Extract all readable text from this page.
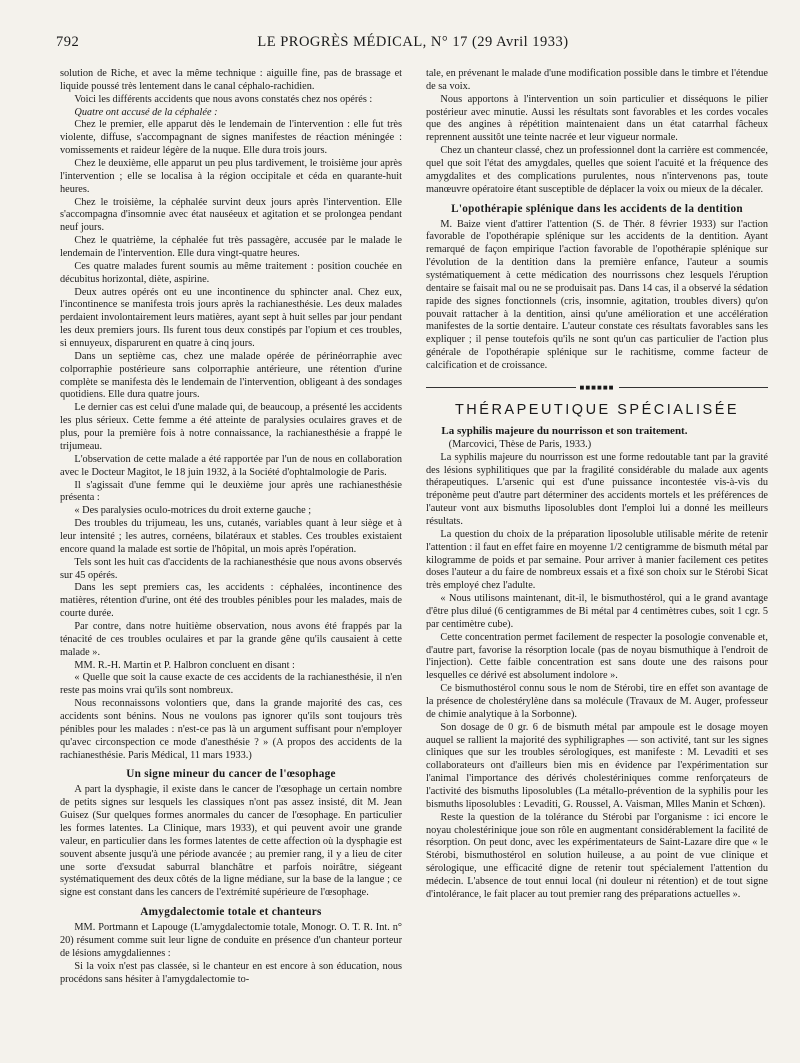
792	LE PROGRÈS MÉDICAL, N° 17 (29 Avril 1933)

solution de Riche, et avec la même technique : aiguille fine, pas de brassage et liquide poussé très lentement dans le canal céphalo-rachidien.

Voici les différents accidents que nous avons constatés chez nos opérés :

Quatre ont accusé de la céphalée :

Chez le premier, elle apparut dès le lendemain de l'intervention : elle fut très violente, diffuse, s'accompagnant de signes manifestes de réaction méningée : vomissements et raideur légère de la nuque. Elle dura trois jours.

Chez le deuxième, elle apparut un peu plus tardivement, le troisième jour après l'intervention ; elle se localisa à la région occipitale et céda en quarante-huit heures.

Chez le troisième, la céphalée survint deux jours après l'intervention. Elle s'accompagna d'insomnie avec état nauséeux et agitation et se prolongea pendant neuf jours.

Chez le quatrième, la céphalée fut très passagère, accusée par le malade le lendemain de l'intervention. Elle dura vingt-quatre heures.

Ces quatre malades furent soumis au même traitement : position couchée en décubitus horizontal, diète, aspirine.

Deux autres opérés ont eu une incontinence du sphincter anal. Chez eux, l'incontinence se manifesta trois jours après la rachianesthésie. Les deux malades perdaient involontairement leurs matières, ayant sept à huit selles par jour pendant les deux premiers jours. Ils furent tous deux constipés par l'opium et ces troubles, si ennuyeux, disparurent en quatre à cinq jours.

Dans un septième cas, chez une malade opérée de périnéorraphie avec colporraphie postérieure sans colporraphie antérieure, une rétention d'urine complète se manifesta dès le lendemain de l'intervention, obligeant à des sondages quotidiens. Elle dura quatre jours.

Le dernier cas est celui d'une malade qui, de beaucoup, a présenté les accidents les plus sérieux. Cette femme a été atteinte de paralysies oculaires graves et de plus, pour la première fois à notre connaissance, la rachianesthésie a frappé le trijumeau.

L'observation de cette malade a été rapportée par l'un de nous en collaboration avec le Docteur Magitot, le 18 juin 1932, à la Société d'ophtalmologie de Paris.

Il s'agissait d'une femme qui le deuxième jour après une rachianesthésie présenta :

« Des paralysies oculo-motrices du droit externe gauche ;

Des troubles du trijumeau, les uns, cutanés, variables quant à leur siège et à leur intensité ; les autres, cornéens, bilatéraux et stables. Ces troubles existaient encore quand la malade est sortie de l'hôpital, un mois après l'opération.

Tels sont les huit cas d'accidents de la rachianesthésie que nous avons observés sur 45 opérés.

Dans les sept premiers cas, les accidents : céphalées, incontinence des matières, rétention d'urine, ont été des troubles pénibles pour les malades, mais de courte durée.

Par contre, dans notre huitième observation, nous avons été frappés par la ténacité de ces troubles oculaires et par la grande gêne qu'ils causaient à cette malade ».

MM. R.-H. Martin et P. Halbron concluent en disant :

« Quelle que soit la cause exacte de ces accidents de la rachianesthésie, il n'en reste pas moins vrai qu'ils sont nombreux.

Nous reconnaissons volontiers que, dans la grande majorité des cas, ces accidents sont bénins. Nous ne voulons pas ignorer qu'ils sont toujours très pénibles pour les malades : n'est-ce pas là un argument suffisant pour n'employer qu'avec circonspection ce mode d'anesthésie ? » (A propos des accidents de la rachianesthésie. Paris Médical, 11 mars 1933.)

Un signe mineur du cancer de l'œsophage

A part la dysphagie, il existe dans le cancer de l'œsophage un certain nombre de petits signes sur lesquels les classiques n'ont pas assez insisté, dit M. Jean Guisez (Sur quelques formes anormales du cancer de l'œsophage. En particulier les formes latentes. La Clinique, mars 1933), et qui peuvent avoir une grande valeur, en particulier dans les formes latentes de cette affection où la dysphagie est souvent absente jusqu'à une période avancée ; au premier rang, il y a lieu de citer une sorte d'exsudat saburral blanchâtre et parfois noirâtre, siégeant systématiquement des deux côtés de la ligne médiane, sur la base de la langue ; ce signe est constant dans les cancers de l'extrémité supérieure de l'œsophage.

Amygdalectomie totale et chanteurs

MM. Portmann et Lapouge (L'amygdalectomie totale, Monogr. O. T. R. Int. n° 20) résument comme suit leur ligne de conduite en présence d'un chanteur porteur de lésions amygdaliennes :

Si la voix n'est pas classée, si le chanteur en est encore à son éducation, nous procédons sans hésiter à l'amygdalectomie to-

tale, en prévenant le malade d'une modification possible dans le timbre et l'étendue de sa voix.

Nous apportons à l'intervention un soin particulier et disséquons le pilier postérieur avec minutie. Aussi les résultats sont favorables et les cordes vocales que des angines à répétition maintenaient dans un état catarrhal fâcheux reprennent aussitôt une teinte nacrée et leur vigueur normale.

Chez un chanteur classé, chez un professionnel dont la carrière est commencée, quel que soit l'état des amygdales, quelles que soient l'acuité et la fréquence des amygdalites et des complications purulentes, nous n'intervenons pas, toute manœuvre opératoire étant susceptible de déplacer la voix ou mieux de la décaler.

L'opothérapie splénique dans les accidents de la dentition

M. Baize vient d'attirer l'attention (S. de Thér. 8 février 1933) sur l'action favorable de l'opothérapie splénique sur les accidents de la dentition. Ayant remarqué de façon empirique l'action favorable de l'opothérapie splénique sur l'évolution de la dentition dans la première enfance, l'auteur a soumis systématiquement à cette médication des nourrissons chez lesquels l'éruption dentaire se faisait mal ou ne se produisait pas. Dans 14 cas, il a observé la sédation rapide des signes fonctionnels (cris, insomnie, agitation, troubles divers) qu'on pouvait rattacher à la dentition, ainsi qu'une amélioration et une accélération manifestes de la sortie dentaire. L'auteur constate ces résultats favorables sans les expliquer ; il pense toutefois qu'ils ne sont qu'un cas particulier de l'action plus générale de l'opothérapie splénique sur le rachitisme, comme facteur de calcification et de croissance.

■■■■■■
THÉRAPEUTIQUE SPÉCIALISÉE

La syphilis majeure du nourrisson et son traitement.

(Marcovici, Thèse de Paris, 1933.)

La syphilis majeure du nourrisson est une forme redoutable tant par la gravité des lésions syphilitiques que par la fragilité considérable du malade aux agents thérapeutiques. L'arsenic qui est d'une puissance incontestée vis-à-vis du tréponème peut d'autre part déterminer des accidents mortels et les préférences de l'auteur vont aux bismuths liposolubles dont l'emploi lui a donné les meilleurs résultats.

La question du choix de la préparation liposoluble utilisable mérite de retenir l'attention : il faut en effet faire en moyenne 1/2 centigramme de bismuth métal par kilogramme de poids et par semaine. Pour arriver à manier facilement ces petites doses l'auteur a du faire de nombreux essais et a fixé son choix sur le Stérobi Sicat très employé chez l'adulte.

« Nous utilisons maintenant, dit-il, le bismuthostérol, qui a le grand avantage d'être plus dilué (6 centigrammes de Bi métal par 4 centimètres cubes, soit 1 cgr. 5 par centimètre cube).

Cette concentration permet facilement de respecter la posologie convenable et, d'autre part, favorise la résorption locale (pas de noyau bismuthique à l'endroit de l'injection). Cette faible concentration est sans doute une des raisons pour lesquelles ce dérivé est absolument indolore ».

Ce bismuthostérol connu sous le nom de Stérobi, tire en effet son avantage de la présence de cholestérylène dans sa molécule (Travaux de M. Auger, professeur de chimie analytique à la Sorbonne).

Son dosage de 0 gr. 6 de bismuth métal par ampoule est le dosage moyen auquel se rallient la majorité des syphiligraphes — son activité, tant sur les signes cliniques que sur les troubles sérologiques, est manifeste : M. Levaditi et ses collaborateurs ont d'ailleurs bien mis en évidence par l'expérimentation sur l'animal l'importance des dérivés cholestériniques comme renforçateurs de l'activité des bismuths liposolubles (La métallo-prévention de la syphilis pour les bismuths liposolubles : Levaditi, G. Roussel, A. Vaisman, Mlles Manin et Schœn).

Reste la question de la tolérance du Stérobi par l'organisme : ici encore le noyau cholestérinique joue son rôle en augmentant considérablement la facilité de résorption. On peut donc, avec les expérimentateurs de Saint-Lazare dire que « le Stérobi, bismuthostérol en solution huileuse, a au point de vue clinique et sérologique, une efficacité digne de retenir tout spécialement l'attention du médecin. L'absence de tout ennui local (ni douleur ni rétention) et de tout signe d'intolérance, le fait placer au tout premier rang des préparations actuelles ».
